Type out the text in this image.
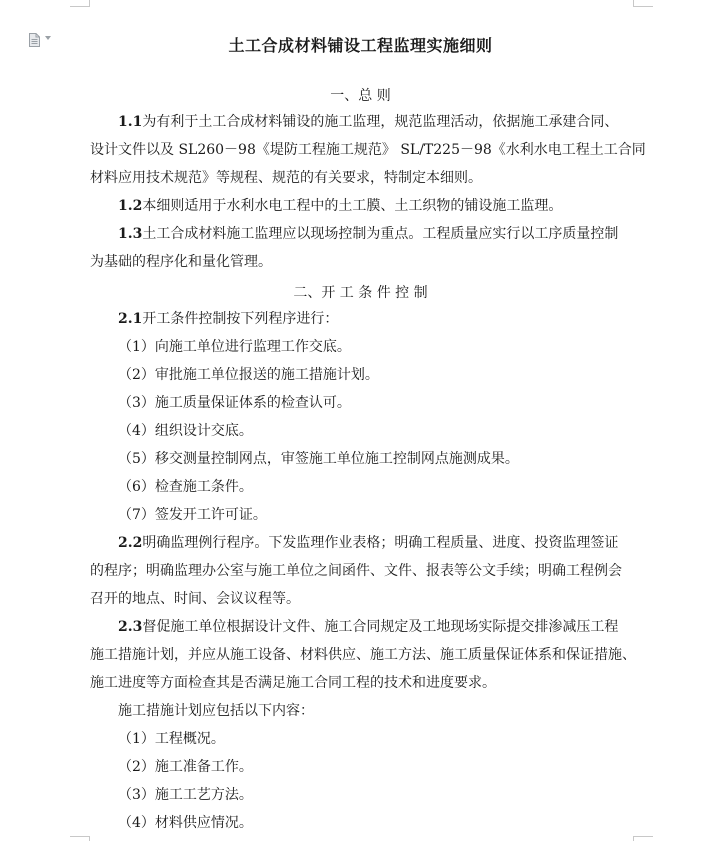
土工合成材料铺设工程监理实施细则
一、总 则
1.1为有利于土工合成材料铺设的施工监理，规范监理活动，依据施工承建合同、
设计文件以及 SL260－98《堤防工程施工规范》 SL/T225－98《水利水电工程土工合同
材料应用技术规范》等规程、规范的有关要求，特制定本细则。
1.2本细则适用于水利水电工程中的土工膜、土工织物的铺设施工监理。
1.3土工合成材料施工监理应以现场控制为重点。工程质量应实行以工序质量控制
为基础的程序化和量化管理。
二、开 工 条 件 控 制
2.1开工条件控制按下列程序进行：
（1）向施工单位进行监理工作交底。
（2）审批施工单位报送的施工措施计划。
（3）施工质量保证体系的检查认可。
（4）组织设计交底。
（5）移交测量控制网点，审签施工单位施工控制网点施测成果。
（6）检查施工条件。
（7）签发开工许可证。
2.2明确监理例行程序。下发监理作业表格；明确工程质量、进度、投资监理签证
的程序；明确监理办公室与施工单位之间函件、文件、报表等公文手续；明确工程例会
召开的地点、时间、会议议程等。
2.3督促施工单位根据设计文件、施工合同规定及工地现场实际提交排渗减压工程
施工措施计划，并应从施工设备、材料供应、施工方法、施工质量保证体系和保证措施、
施工进度等方面检查其是否满足施工合同工程的技术和进度要求。
施工措施计划应包括以下内容：
（1）工程概况。
（2）施工准备工作。
（3）施工工艺方法。
（4）材料供应情况。
